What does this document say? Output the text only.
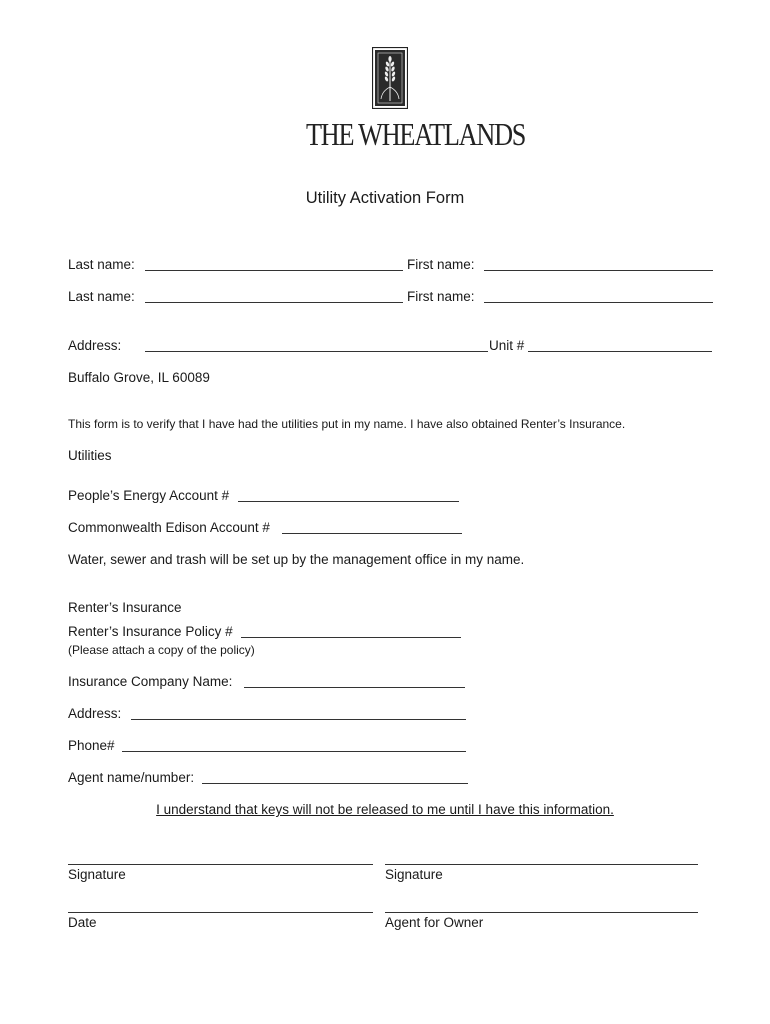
THE WHEATLANDS
Utility Activation Form
Last name:	First name:
Last name:	First name:
Address:	Unit #
Buffalo Grove, IL 60089
This form is to verify that I have had the utilities put in my name. I have also obtained Renter’s Insurance.
Utilities
People’s Energy Account #
Commonwealth Edison Account #
Water, sewer and trash will be set up by the management office in my name.
Renter’s Insurance
Renter’s Insurance Policy #
(Please attach a copy of the policy)
Insurance Company Name:
Address:
Phone#
Agent name/number:
I understand that keys will not be released to me until I have this information.
Signature	Signature
Date	Agent for Owner
